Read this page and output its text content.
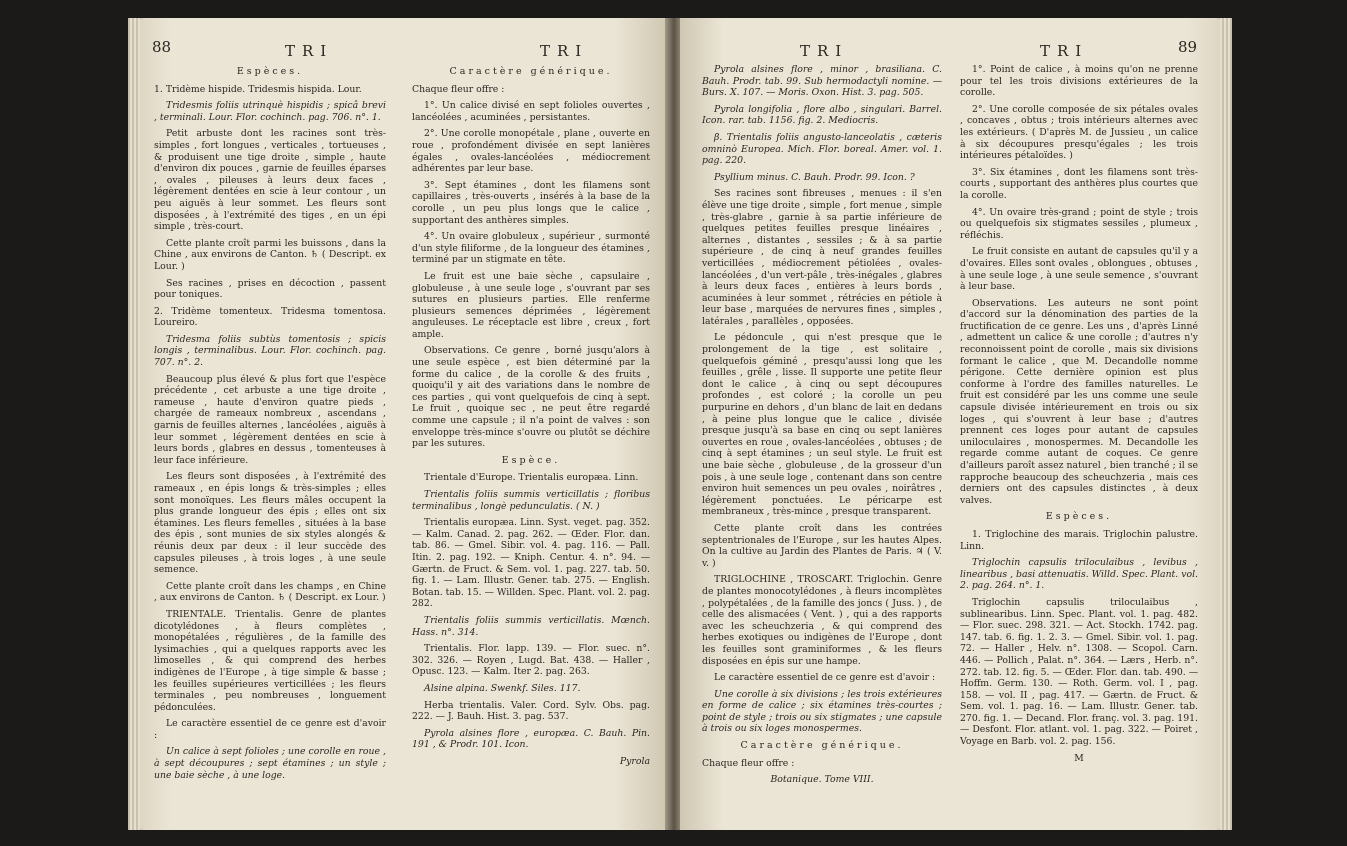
88	TRI	TRI
Espèces.

1. Tridème hispide. Tridesmis hispida. Lour.

Tridesmis foliis utrinquè hispidis ; spicâ brevi , terminali. Lour. Flor. cochinch. pag. 706. n°. 1.

Petit arbuste dont les racines sont très-simples , fort longues , verticales , tortueuses , & produisent une tige droite , simple , haute d'environ dix pouces , garnie de feuilles éparses , ovales , pileuses à leurs deux faces , légèrement dentées en scie à leur contour , un peu aiguës à leur sommet. Les fleurs sont disposées , à l'extrémité des tiges , en un épi simple , très-court.

Cette plante croît parmi les buissons , dans la Chine , aux environs de Canton. ♄ ( Descript. ex Lour. )

Ses racines , prises en décoction , passent pour toniques.

2. Tridème tomenteux. Tridesma tomentosa. Loureiro.

Tridesma foliis subtùs tomentosis ; spicis longis , terminalibus. Lour. Flor. cochinch. pag. 707. n°. 2.

Beaucoup plus élevé & plus fort que l'espèce précédente , cet arbuste a une tige droite , rameuse , haute d'environ quatre pieds , chargée de rameaux nombreux , ascendans , garnis de feuilles alternes , lancéolées , aiguës à leur sommet , légèrement dentées en scie à leurs bords , glabres en dessus , tomenteuses à leur face inférieure.

Les fleurs sont disposées , à l'extrémité des rameaux , en épis longs & très-simples ; elles sont monoïques. Les fleurs mâles occupent la plus grande longueur des épis ; elles ont six étamines. Les fleurs femelles , situées à la base des épis , sont munies de six styles alongés & réunis deux par deux : il leur succède des capsules pileuses , à trois loges , à une seule semence.

Cette plante croît dans les champs , en Chine , aux environs de Canton. ♄ ( Descript. ex Lour. )

TRIENTALE. Trientalis. Genre de plantes dicotylédones , à fleurs complètes , monopétalées , régulières , de la famille des lysimachies , qui a quelques rapports avec les limoselles , & qui comprend des herbes indigènes de l'Europe , à tige simple & basse ; les feuilles supérieures verticillées ; les fleurs terminales , peu nombreuses , longuement pédonculées.

Le caractère essentiel de ce genre est d'avoir :

Un calice à sept folioles ; une corolle en roue , à sept découpures ; sept étamines ; un style ; une baie sèche , à une loge.

Caractère générique.

Chaque fleur offre :

1°. Un calice divisé en sept folioles ouvertes , lancéolées , acuminées , persistantes.

2°. Une corolle monopétale , plane , ouverte en roue , profondément divisée en sept lanières égales , ovales-lancéolées , médiocrement adhérentes par leur base.

3°. Sept étamines , dont les filamens sont capillaires , très-ouverts , insérés à la base de la corolle , un peu plus longs que le calice , supportant des anthères simples.

4°. Un ovaire globuleux , supérieur , surmonté d'un style filiforme , de la longueur des étamines , terminé par un stigmate en tête.

Le fruit est une baie sèche , capsulaire , globuleuse , à une seule loge , s'ouvrant par ses sutures en plusieurs parties. Elle renferme plusieurs semences déprimées , légèrement anguleuses. Le réceptacle est libre , creux , fort ample.

Observations. Ce genre , borné jusqu'alors à une seule espèce , est bien déterminé par la forme du calice , de la corolle & des fruits , quoiqu'il y ait des variations dans le nombre de ces parties , qui vont quelquefois de cinq à sept. Le fruit , quoique sec , ne peut être regardé comme une capsule ; il n'a point de valves : son enveloppe très-mince s'ouvre ou plutôt se déchire par les sutures.

Espèce.

Trientale d'Europe. Trientalis europæa. Linn.

Trientalis foliis summis verticillatis ; floribus terminalibus , longè pedunculatis. ( N. )

Trientalis europæa. Linn. Syst. veget. pag. 352. — Kalm. Canad. 2. pag. 262. — Œder. Flor. dan. tab. 86. — Gmel. Sibir. vol. 4. pag. 116. — Pall. Itin. 2. pag. 192. — Kniph. Centur. 4. n°. 94. — Gærtn. de Fruct. & Sem. vol. 1. pag. 227. tab. 50. fig. 1. — Lam. Illustr. Gener. tab. 275. — English. Botan. tab. 15. — Willden. Spec. Plant. vol. 2. pag. 282.

Trientalis foliis summis verticillatis. Mœnch. Hass. n°. 314.

Trientalis. Flor. lapp. 139. — Flor. suec. n°. 302. 326. — Royen , Lugd. Bat. 438. — Haller , Opusc. 123. — Kalm. Iter 2. pag. 263.

Alsine alpina. Swenkf. Siles. 117.

Herba trientalis. Valer. Cord. Sylv. Obs. pag. 222. — J. Bauh. Hist. 3. pag. 537.

Pyrola alsines flore , europæa. C. Bauh. Pin. 191 , & Prodr. 101. Icon.

Pyrola
TRI	TRI	89

Pyrola alsines flore , minor , brasiliana. C. Bauh. Prodr. tab. 99. Sub hermodactyli nomine. — Burs. X. 107. — Moris. Oxon. Hist. 3. pag. 505.

Pyrola longifolia , flore albo , singulari. Barrel. Icon. rar. tab. 1156. fig. 2. Mediocris.

β. Trientalis foliis angusto-lanceolatis , cæteris omninò Europea. Mich. Flor. boreal. Amer. vol. 1. pag. 220.

Psyllium minus. C. Bauh. Prodr. 99. Icon. ?

Ses racines sont fibreuses , menues : il s'en élève une tige droite , simple , fort menue , simple , très-glabre , garnie à sa partie inférieure de quelques petites feuilles presque linéaires , alternes , distantes , sessiles ; & à sa partie supérieure , de cinq à neuf grandes feuilles verticillées , médiocrement pétiolées , ovales-lancéolées , d'un vert-pâle , très-inégales , glabres à leurs deux faces , entières à leurs bords , acuminées à leur sommet , rétrécies en pétiole à leur base , marquées de nervures fines , simples , latérales , parallèles , opposées.

Le pédoncule , qui n'est presque que le prolongement de la tige , est solitaire , quelquefois géminé , presqu'aussi long que les feuilles , grêle , lisse. Il supporte une petite fleur dont le calice , à cinq ou sept découpures profondes , est coloré ; la corolle un peu purpurine en dehors , d'un blanc de lait en dedans , à peine plus longue que le calice , divisée presque jusqu'à sa base en cinq ou sept lanières ouvertes en roue , ovales-lancéolées , obtuses ; de cinq à sept étamines ; un seul style. Le fruit est une baie sèche , globuleuse , de la grosseur d'un pois , à une seule loge , contenant dans son centre environ huit semences un peu ovales , noirâtres , légèrement ponctuées. Le péricarpe est membraneux , très-mince , presque transparent.

Cette plante croît dans les contrées septentrionales de l'Europe , sur les hautes Alpes. On la cultive au Jardin des Plantes de Paris. ♃ ( V. v. )

TRIGLOCHINE , TROSCART. Triglochin. Genre de plantes monocotylédones , à fleurs incomplètes , polypétalées , de la famille des joncs ( Juss. ) , de celle des alismacées ( Vent. ) , qui a des rapports avec les scheuchzeria , & qui comprend des herbes exotiques ou indigènes de l'Europe , dont les feuilles sont graminiformes , & les fleurs disposées en épis sur une hampe.

Le caractère essentiel de ce genre est d'avoir :

Une corolle à six divisions ; les trois extérieures en forme de calice ; six étamines très-courtes ; point de style ; trois ou six stigmates ; une capsule à trois ou six loges monospermes.

Caractère générique.

Chaque fleur offre :

Botanique. Tome VIII.

1°. Point de calice , à moins qu'on ne prenne pour tel les trois divisions extérieures de la corolle.

2°. Une corolle composée de six pétales ovales , concaves , obtus ; trois intérieurs alternes avec les extérieurs. ( D'après M. de Jussieu , un calice à six découpures presqu'égales ; les trois intérieures pétaloïdes. )

3°. Six étamines , dont les filamens sont très-courts , supportant des anthères plus courtes que la corolle.

4°. Un ovaire très-grand ; point de style ; trois ou quelquefois six stigmates sessiles , plumeux , réfléchis.

Le fruit consiste en autant de capsules qu'il y a d'ovaires. Elles sont ovales , oblongues , obtuses , à une seule loge , à une seule semence , s'ouvrant à leur base.

Observations. Les auteurs ne sont point d'accord sur la dénomination des parties de la fructification de ce genre. Les uns , d'après Linné , admettent un calice & une corolle ; d'autres n'y reconnoissent point de corolle , mais six divisions formant le calice , que M. Decandolle nomme périgone. Cette dernière opinion est plus conforme à l'ordre des familles naturelles. Le fruit est considéré par les uns comme une seule capsule divisée intérieurement en trois ou six loges , qui s'ouvrent à leur base ; d'autres prennent ces loges pour autant de capsules uniloculaires , monospermes. M. Decandolle les regarde comme autant de coques. Ce genre d'ailleurs paroît assez naturel , bien tranché ; il se rapproche beaucoup des scheuchzeria , mais ces derniers ont des capsules distinctes , à deux valves.

Espèces.

1. Triglochine des marais. Triglochin palustre. Linn.

Triglochin capsulis triloculaibus , levibus , linearibus , basi attenuatis. Willd. Spec. Plant. vol. 2. pag. 264. n°. 1.

Triglochin capsulis triloculaibus , sublinearibus. Linn. Spec. Plant. vol. 1. pag. 482. — Flor. suec. 298. 321. — Act. Stockh. 1742. pag. 147. tab. 6. fig. 1. 2. 3. — Gmel. Sibir. vol. 1. pag. 72. — Haller , Helv. n°. 1308. — Scopol. Carn. 446. — Pollich , Palat. n°. 364. — Lærs , Herb. n°. 272. tab. 12. fig. 5. — Œder. Flor. dan. tab. 490. — Hoffm. Germ. 130. — Roth. Germ. vol. I , pag. 158. — vol. II , pag. 417. — Gærtn. de Fruct. & Sem. vol. 1. pag. 16. — Lam. Illustr. Gener. tab. 270. fig. 1. — Decand. Flor. franç. vol. 3. pag. 191. — Desfont. Flor. atlant. vol. 1. pag. 322. — Poiret , Voyage en Barb. vol. 2. pag. 156.

M
